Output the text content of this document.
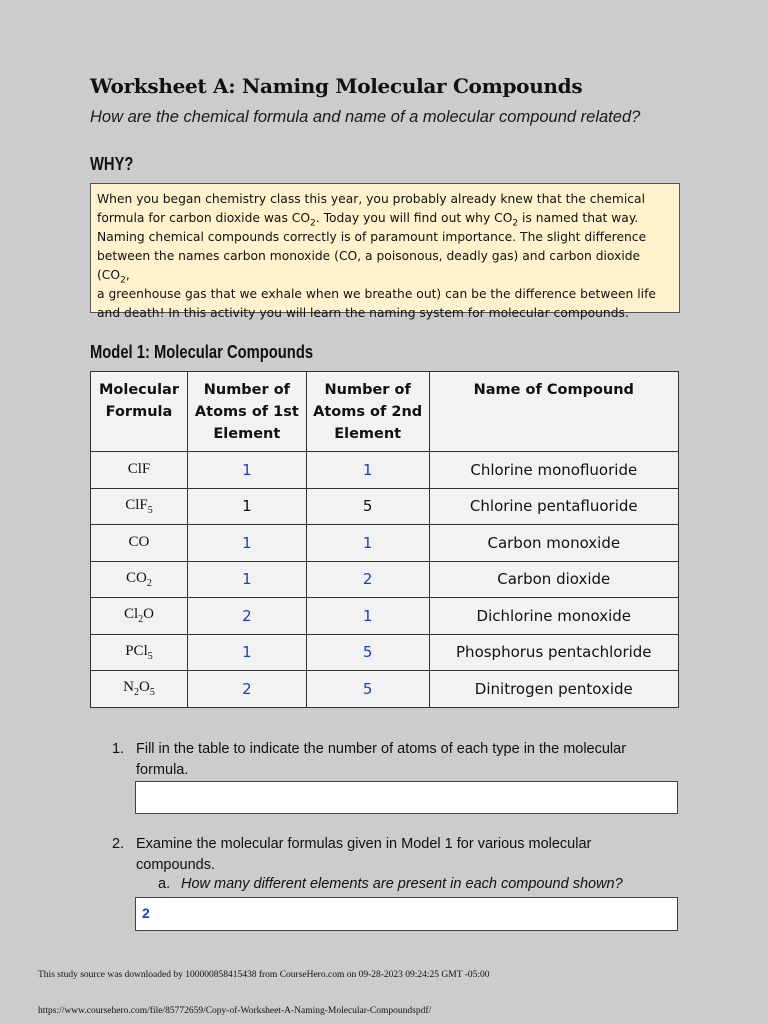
Worksheet A: Naming Molecular Compounds

How are the chemical formula and name of a molecular compound related?

WHY?
When you began chemistry class this year, you probably already knew that the chemical
formula for carbon dioxide was $CO_2$. Today you will find out why $CO_2$ is named that way.
Naming chemical compounds correctly is of paramount importance. The slight difference
between the names carbon monoxide (CO, a poisonous, deadly gas) and carbon dioxide ($CO_2$,
a greenhouse gas that we exhale when we breathe out) can be the difference between life
and death! In this activity you will learn the naming system for molecular compounds.
Model 1: Molecular Compounds
Molecular
Formula	Number of
Atoms of 1st
Element	Number of
Atoms of 2nd
Element	Name of Compound
ClF	1	1	Chlorine monofluoride
ClF$_5$	1	5	Chlorine pentafluoride
CO	1	1	Carbon monoxide
$CO_2$	1	2	Carbon dioxide
$Cl_2O$	2	1	Dichlorine monoxide
PCl$_5$	1	5	Phosphorus pentachloride
$N_2O_5$	2	5	Dinitrogen pentoxide
1. Fill in the table to indicate the number of atoms of each type in the molecular
formula.
2. Examine the molecular formulas given in Model 1 for various molecular
compounds.
a. How many different elements are present in each compound shown?
2
This study source was downloaded by 100000858415438 from CourseHero.com on 09-28-2023 09:24:25 GMT -05:00
https://www.coursehero.com/file/85772659/Copy-of-Worksheet-A-Naming-Molecular-Compoundspdf/
